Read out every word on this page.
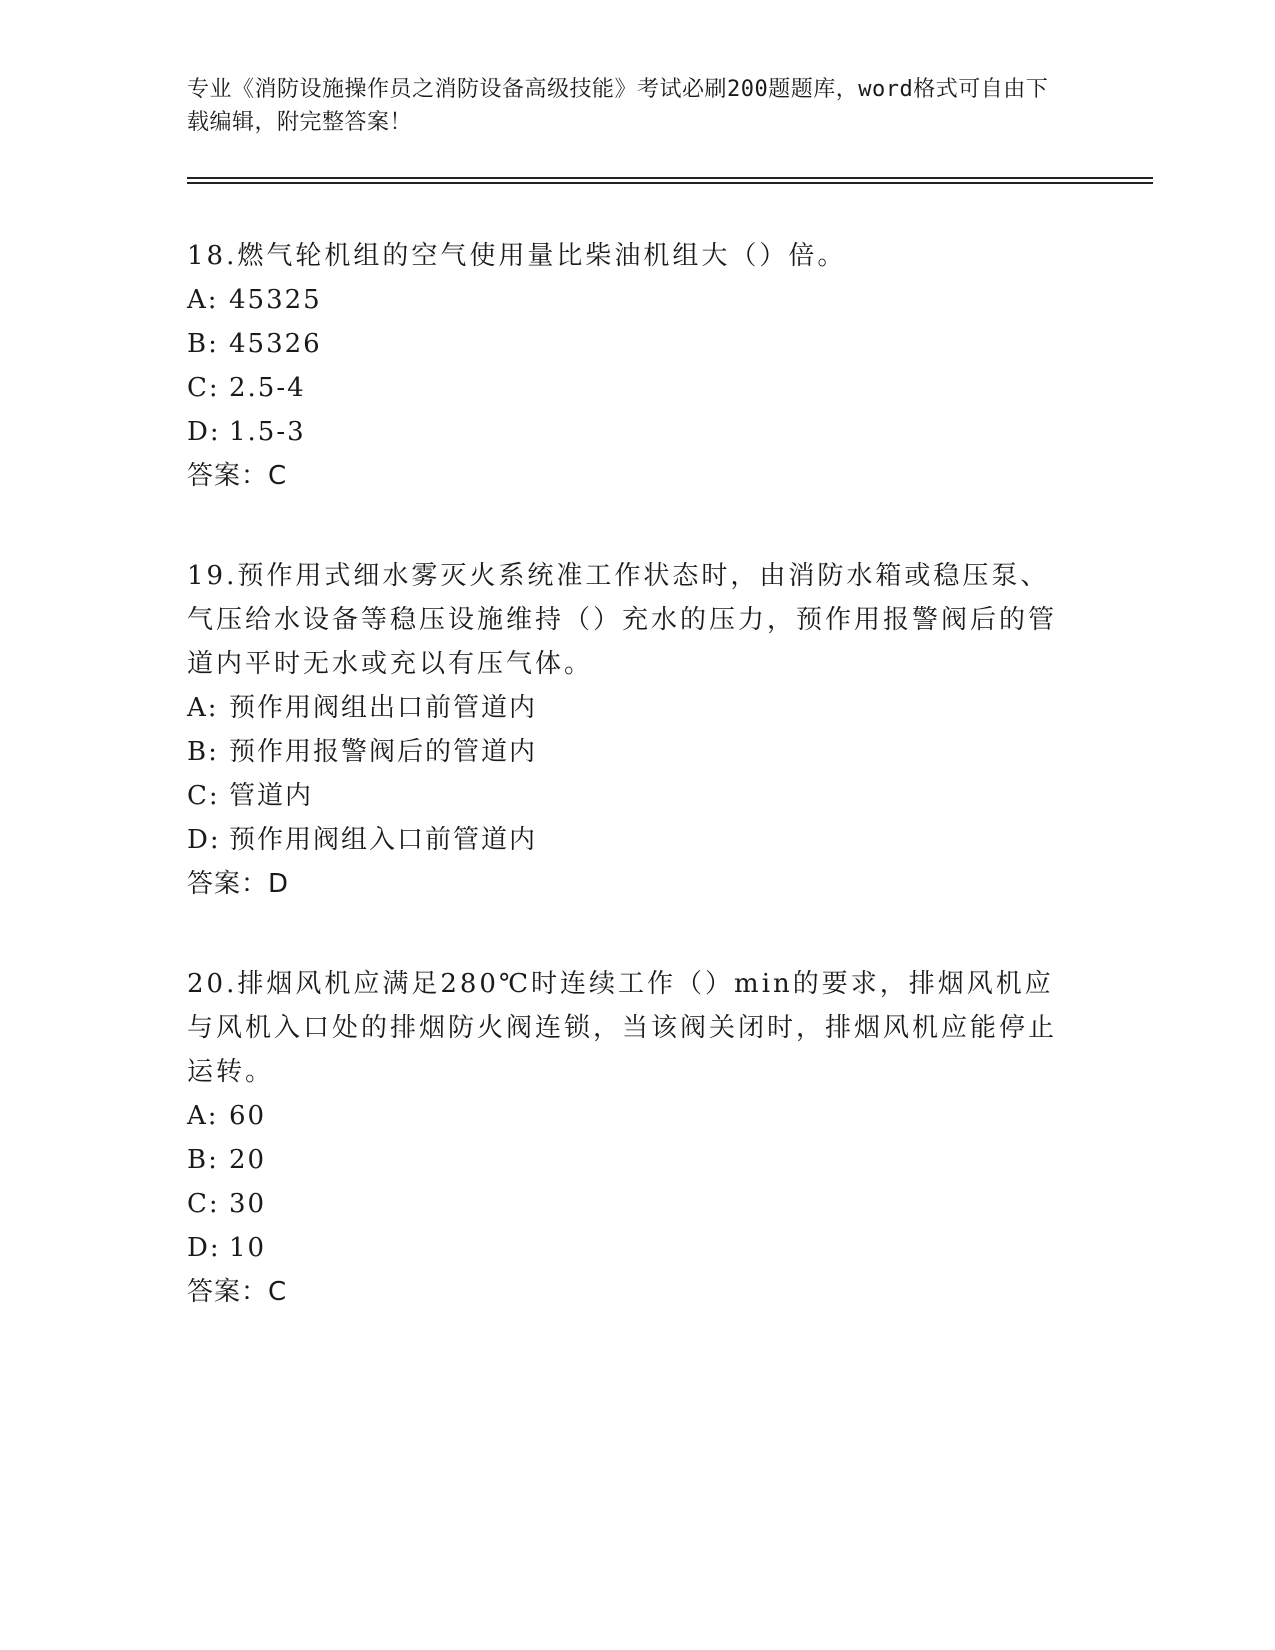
专业《消防设施操作员之消防设备高级技能》考试必刷200题题库，word格式可自由下载编辑，附完整答案！

18.燃气轮机组的空气使用量比柴油机组大（）倍。

A: 45325

B: 45326

C: 2.5-4

D: 1.5-3

答案：C

19.预作用式细水雾灭火系统准工作状态时，由消防水箱或稳压泵、气压给水设备等稳压设施维持（）充水的压力，预作用报警阀后的管道内平时无水或充以有压气体。

A: 预作用阀组出口前管道内

B: 预作用报警阀后的管道内

C: 管道内

D: 预作用阀组入口前管道内

答案：D

20.排烟风机应满足280℃时连续工作（）min的要求，排烟风机应与风机入口处的排烟防火阀连锁，当该阀关闭时，排烟风机应能停止运转。

A: 60

B: 20

C: 30

D: 10

答案：C
